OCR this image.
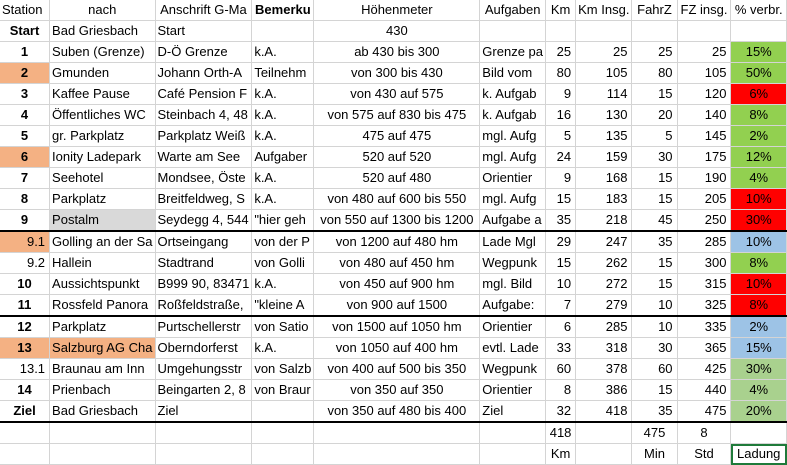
Station	nach	Anschrift G-Ma	Bemerku	Höhenmeter	Aufgaben	Km	Km Insg.	FahrZ	FZ insg.	% verbr.
Start	Bad Griesbach	Start		430						
1	Suben (Grenze)	D-Ö Grenze	k.A.	ab 430 bis 300	Grenze pa	25	25	25	25	15%
2	Gmunden	Johann Orth-A	Teilnehm	von 300 bis 430	Bild vom	80	105	80	105	50%
3	Kaffee Pause	Café Pension F	k.A.	von 430 auf 575	k. Aufgab	9	114	15	120	6%
4	Öffentliches WC	Steinbach 4, 48	k.A.	von 575 auf 830 bis 475	k. Aufgab	16	130	20	140	8%
5	gr. Parkplatz	Parkplatz Weiß	k.A.	475 auf 475	mgl. Aufg	5	135	5	145	2%
6	Ionity Ladepark	Warte am See	Aufgaber	520 auf 520	mgl. Aufg	24	159	30	175	12%
7	Seehotel	Mondsee, Öste	k.A.	520 auf 480	Orientier	9	168	15	190	4%
8	Parkplatz	Breitfeldweg, S	k.A.	von 480 auf 600 bis 550	mgl. Aufg	15	183	15	205	10%
9	Postalm	Seydegg 4, 544	"hier geh	von 550 auf 1300 bis 1200	Aufgabe a	35	218	45	250	30%
9.1	Golling an der Sa	Ortseingang	von der P	von 1200 auf 480 hm	Lade Mgl	29	247	35	285	10%
9.2	Hallein	Stadtrand	von Golli	von 480 auf 450 hm	Wegpunk	15	262	15	300	8%
10	Aussichtspunkt	B999 90, 83471	k.A.	von 450 auf 900 hm	mgl. Bild	10	272	15	315	10%
11	Rossfeld Panora	Roßfeldstraße,	"kleine A	von 900 auf 1500	Aufgabe:	7	279	10	325	8%
12	Parkplatz	Purtschellerstr	von Satio	von 1500 auf 1050 hm	Orientier	6	285	10	335	2%
13	Salzburg AG Cha	Oberndorferst	k.A.	von 1050 auf 400 hm	evtl. Lade	33	318	30	365	15%
13.1	Braunau am Inn	Umgehungsstr	von Salzb	von 400 auf 500 bis 350	Wegpunk	60	378	60	425	30%
14	Prienbach	Beingarten 2, 8	von Braur	von 350 auf 350	Orientier	8	386	15	440	4%
Ziel	Bad Griesbach	Ziel		von 350 auf 480 bis 400	Ziel	32	418	35	475	20%
						418		475	8	
						Km		Min	Std	Ladung
